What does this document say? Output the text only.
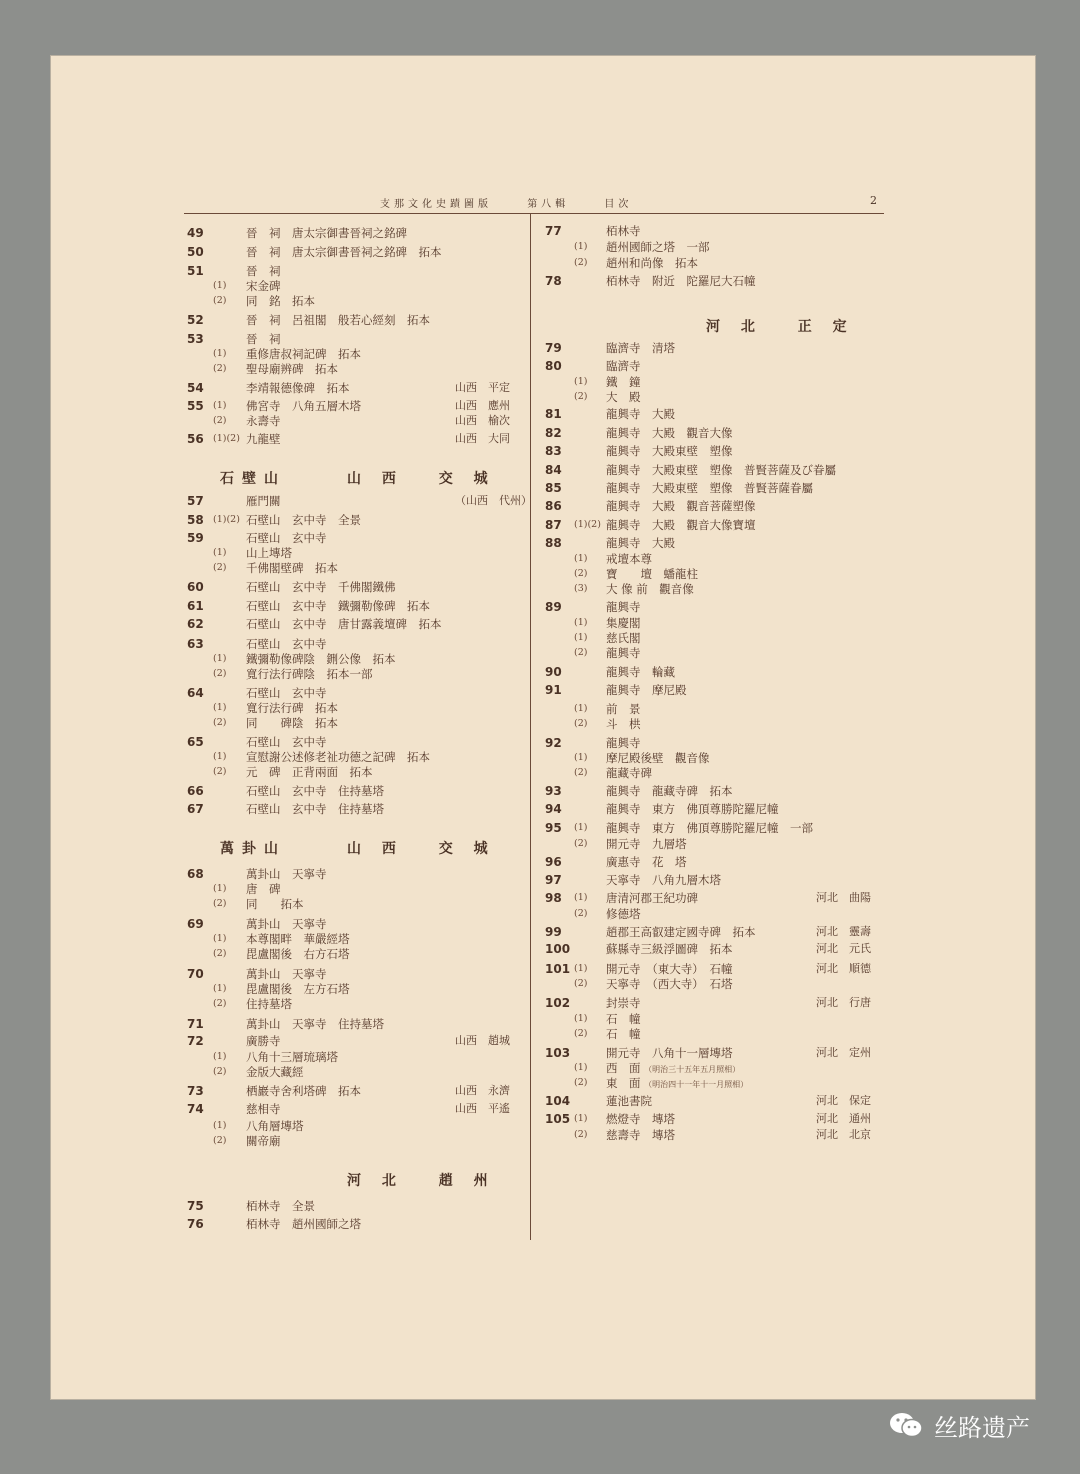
支那文化史蹟圖版	第八輯	目次	2
49	晉　祠　唐太宗御書晉祠之銘碑
50	晉　祠　唐太宗御書晉祠之銘碑　拓本
51	晉　祠
(1) 宋金碑
(2) 同　銘　拓本
52	晉　祠　呂祖閣　般若心經刻　拓本
53	晉　祠
(1) 重修唐叔祠記碑　拓本
(2) 聖母廟辨碑　拓本
54	李靖報德像碑　拓本	山西　平定
55 (1) 佛宮寺　八角五層木塔	山西　應州
(2) 永壽寺	山西　榆次
56 (1)(2) 九龍壁	山西　大同
石壁山	山 西　 交 城
57	雁門關	（山西　代州）
58 (1)(2) 石壁山　玄中寺　全景
59	石壁山　玄中寺
(1) 山上塼塔
(2) 千佛閣壁碑　拓本
60	石壁山　玄中寺　千佛閣鐵佛
61	石壁山　玄中寺　鐵彌勒像碑　拓本
62	石壁山　玄中寺　唐甘露義壇碑　拓本
63	石壁山　玄中寺
(1) 鐵彌勒像碑陰　鉶公像　拓本
(2) 寬行法行碑陰　拓本一部
64	石壁山　玄中寺
(1) 寬行法行碑　拓本
(2) 同　　碑陰　拓本
65	石壁山　玄中寺
(1) 宣慰謝公述修老祉功德之記碑　拓本
(2) 元　碑　正背兩面　拓本
66	石壁山　玄中寺　住持墓塔
67	石壁山　玄中寺　住持墓塔
萬卦山	山 西　 交 城
68	萬卦山　天寧寺
(1) 唐　碑
(2) 同　　拓本
69	萬卦山　天寧寺
(1) 本尊閣畔　華嚴經塔
(2) 毘盧閣後　右方石塔
70	萬卦山　天寧寺
(1) 毘盧閣後　左方石塔
(2) 住持墓塔
71	萬卦山　天寧寺　住持墓塔
72	廣勝寺	山西　趙城
(1) 八角十三層琉璃塔
(2) 金版大藏經
73	栖巖寺舍利塔碑　拓本	山西　永濟
74	慈相寺	山西　平遙
(1) 八角層塼塔
(2) 關帝廟
河 北　 趙 州
75	栢林寺　全景
76	栢林寺　趙州國師之塔
77	栢林寺
(1) 趙州國師之塔　一部
(2) 趙州和尚像　拓本
78	栢林寺　附近　陀羅尼大石幢
河 北　 正 定
79	臨濟寺　清塔
80	臨濟寺
(1) 鐵　鐘
(2) 大　殿
81	龍興寺　大殿
82	龍興寺　大殿　觀音大像
83	龍興寺　大殿東壁　塑像
84	龍興寺　大殿東壁　塑像　普賢菩薩及び眷屬
85	龍興寺　大殿東壁　塑像　普賢菩薩眷屬
86	龍興寺　大殿　觀音菩薩塑像
87 (1)(2) 龍興寺　大殿　觀音大像寶壇
88	龍興寺　大殿
(1) 戒壇本尊
(2) 寶　　壇　蟠龍柱
(3) 大 像 前　觀音像
89	龍興寺
(1) 集慶閣
(1) 慈氏閣
(2) 龍興寺
90	龍興寺　輪藏
91	龍興寺　摩尼殿
(1) 前　景
(2) 斗　栱
92	龍興寺
(1) 摩尼殿後壁　觀音像
(2) 龍藏寺碑
93	龍興寺　龍藏寺碑　拓本
94	龍興寺　東方　佛頂尊勝陀羅尼幢
95 (1) 龍興寺　東方　佛頂尊勝陀羅尼幢　一部
(2) 開元寺　九層塔
96	廣惠寺　花　塔
97	天寧寺　八角九層木塔
98 (1) 唐清河郡王紀功碑	河北　曲陽
(2) 修德塔
99	趙郡王高叡建定國寺碑　拓本	河北　靈壽
100	蘇縣寺三級浮圖碑　拓本	河北　元氏
101 (1) 開元寺　（東大寺）　石幢	河北　順德
(2) 天寧寺　（西大寺）　石塔
102	封崇寺	河北　行唐
(1) 石　幢
(2) 石　幢
103	開元寺　八角十一層塼塔	河北　定州
(1) 西　面 （明治三十五年五月照相）
(2) 東　面 （明治四十一年十一月照相）
104	蓮池書院	河北　保定
105 (1) 燃燈寺　塼塔	河北　通州
(2) 慈壽寺　塼塔	河北　北京
丝路遗产
